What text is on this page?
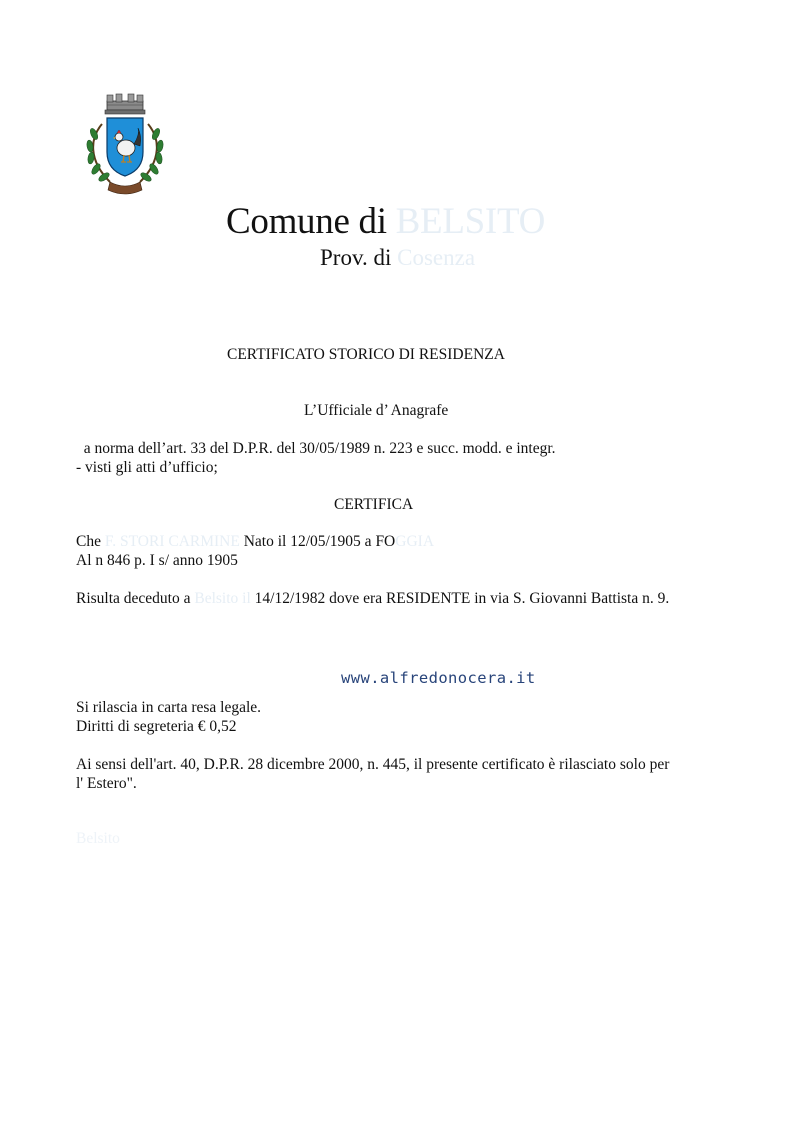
Comune di BELSITO
Prov. di Cosenza
CERTIFICATO STORICO DI RESIDENZA
L’Ufficiale d’ Anagrafe
a norma dell’art. 33 del D.P.R. del 30/05/1989 n. 223 e succ. modd. e integr.
- visti gli atti d’ufficio;
CERTIFICA
Che F. STORI CARMINE Nato il 12/05/1905 a FOGGIA
Al n 846 p. I s/ anno 1905
Risulta deceduto a Belsito il 14/12/1982 dove era RESIDENTE in via S. Giovanni Battista n. 9.
www.alfredonocera.it
Si rilascia in carta resa legale.
Diritti di segreteria € 0,52
Ai sensi dell'art. 40, D.P.R. 28 dicembre 2000, n. 445, il presente certificato è rilasciato solo per
l' Estero".
Belsito
